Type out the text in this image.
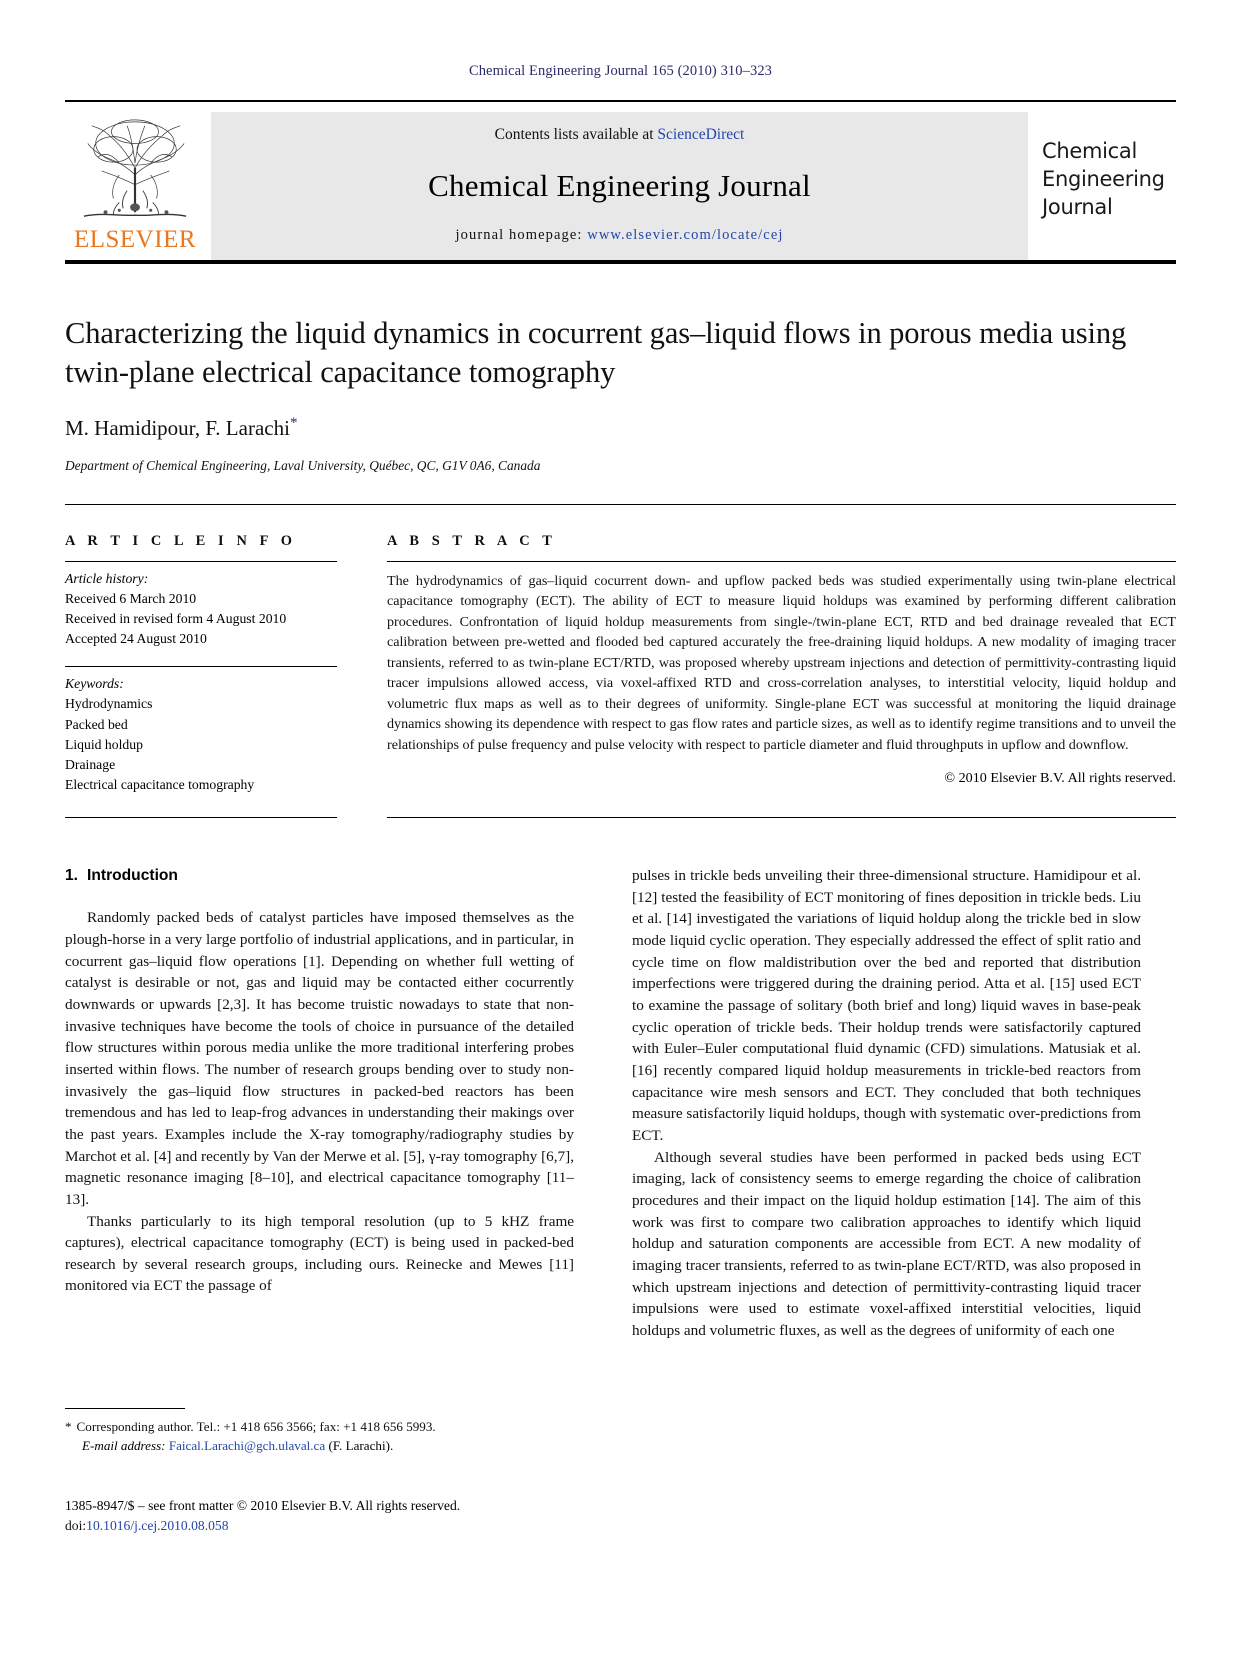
Chemical Engineering Journal 165 (2010) 310–323
ELSEVIER
Contents lists available at ScienceDirect
Chemical Engineering Journal
journal homepage: www.elsevier.com/locate/cej
Chemical
Engineering
Journal
Characterizing the liquid dynamics in cocurrent gas–liquid flows in porous media using twin-plane electrical capacitance tomography
M. Hamidipour, F. Larachi*
Department of Chemical Engineering, Laval University, Québec, QC, G1V 0A6, Canada
A R T I C L E I N F O
Article history:
Received 6 March 2010
Received in revised form 4 August 2010
Accepted 24 August 2010
Keywords:
Hydrodynamics
Packed bed
Liquid holdup
Drainage
Electrical capacitance tomography
A B S T R A C T
The hydrodynamics of gas–liquid cocurrent down- and upflow packed beds was studied experimentally using twin-plane electrical capacitance tomography (ECT). The ability of ECT to measure liquid holdups was examined by performing different calibration procedures. Confrontation of liquid holdup measurements from single-/twin-plane ECT, RTD and bed drainage revealed that ECT calibration between pre-wetted and flooded bed captured accurately the free-draining liquid holdups. A new modality of imaging tracer transients, referred to as twin-plane ECT/RTD, was proposed whereby upstream injections and detection of permittivity-contrasting liquid tracer impulsions allowed access, via voxel-affixed RTD and cross-correlation analyses, to interstitial velocity, liquid holdup and volumetric flux maps as well as to their degrees of uniformity. Single-plane ECT was successful at monitoring the liquid drainage dynamics showing its dependence with respect to gas flow rates and particle sizes, as well as to identify regime transitions and to unveil the relationships of pulse frequency and pulse velocity with respect to particle diameter and fluid throughputs in upflow and downflow.
© 2010 Elsevier B.V. All rights reserved.
1. Introduction

Randomly packed beds of catalyst particles have imposed themselves as the plough-horse in a very large portfolio of industrial applications, and in particular, in cocurrent gas–liquid flow operations [1]. Depending on whether full wetting of catalyst is desirable or not, gas and liquid may be contacted either cocurrently downwards or upwards [2,3]. It has become truistic nowadays to state that non-invasive techniques have become the tools of choice in pursuance of the detailed flow structures within porous media unlike the more traditional interfering probes inserted within flows. The number of research groups bending over to study non-invasively the gas–liquid flow structures in packed-bed reactors has been tremendous and has led to leap-frog advances in understanding their makings over the past years. Examples include the X-ray tomography/radiography studies by Marchot et al. [4] and recently by Van der Merwe et al. [5], γ-ray tomography [6,7], magnetic resonance imaging [8–10], and electrical capacitance tomography [11–13].

Thanks particularly to its high temporal resolution (up to 5 kHZ frame captures), electrical capacitance tomography (ECT) is being used in packed-bed research by several research groups, including ours. Reinecke and Mewes [11] monitored via ECT the passage of

pulses in trickle beds unveiling their three-dimensional structure. Hamidipour et al. [12] tested the feasibility of ECT monitoring of fines deposition in trickle beds. Liu et al. [14] investigated the variations of liquid holdup along the trickle bed in slow mode liquid cyclic operation. They especially addressed the effect of split ratio and cycle time on flow maldistribution over the bed and reported that distribution imperfections were triggered during the draining period. Atta et al. [15] used ECT to examine the passage of solitary (both brief and long) liquid waves in base-peak cyclic operation of trickle beds. Their holdup trends were satisfactorily captured with Euler–Euler computational fluid dynamic (CFD) simulations. Matusiak et al. [16] recently compared liquid holdup measurements in trickle-bed reactors from capacitance wire mesh sensors and ECT. They concluded that both techniques measure satisfactorily liquid holdups, though with systematic over-predictions from ECT.

Although several studies have been performed in packed beds using ECT imaging, lack of consistency seems to emerge regarding the choice of calibration procedures and their impact on the liquid holdup estimation [14]. The aim of this work was first to compare two calibration approaches to identify which liquid holdup and saturation components are accessible from ECT. A new modality of imaging tracer transients, referred to as twin-plane ECT/RTD, was also proposed in which upstream injections and detection of permittivity-contrasting liquid tracer impulsions were used to estimate voxel-affixed interstitial velocities, liquid holdups and volumetric fluxes, as well as the degrees of uniformity of each one

* Corresponding author. Tel.: +1 418 656 3566; fax: +1 418 656 5993.
E-mail address: Faical.Larachi@gch.ulaval.ca (F. Larachi).
1385-8947/$ – see front matter © 2010 Elsevier B.V. All rights reserved.
doi:10.1016/j.cej.2010.08.058
